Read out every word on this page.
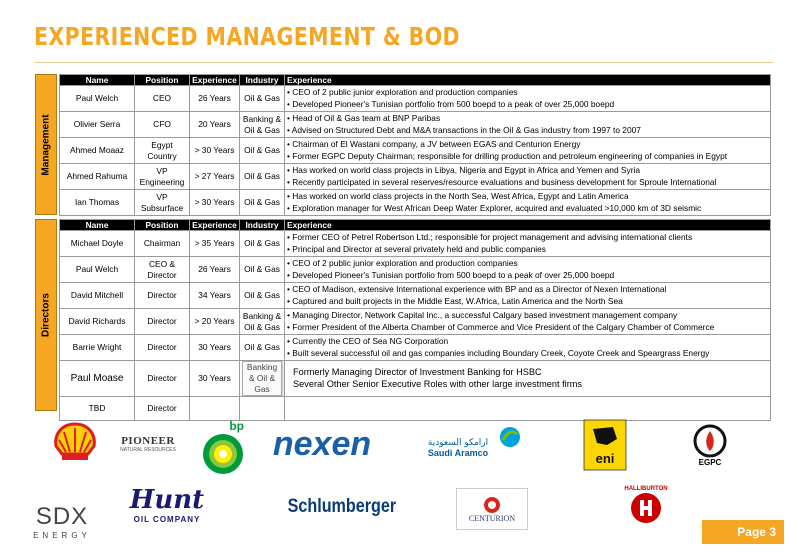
EXPERIENCED MANAGEMENT & BOD
Management
Name	Position	Experience	Industry	Experience
Paul Welch	CEO	26 Years	Oil & Gas	• CEO of 2 public junior exploration and production companies
• Developed Pioneer's Tunisian portfolio from 500 boepd to a peak of over 25,000 boepd

Olivier Serra	CFO	20 Years	Banking & Oil & Gas	• Head of Oil & Gas team at BNP Paribas
• Advised on Structured Debt and M&A transactions in the Oil & Gas industry from 1997 to 2007

Ahmed Moaaz	Egypt Country	> 30 Years	Oil & Gas	• Chairman of El Wastani company, a JV between EGAS and Centurion Energy
• Former EGPC Deputy Chairman; responsible for drilling production and petroleum engineering of companies in Egypt

Ahmed Rahuma	VP Engineering	> 27 Years	Oil & Gas	• Has worked on world class projects in Libya, Nigeria and Egypt in Africa and Yemen and Syria
• Recently participated in several reserves/resource evaluations and business development for Sproule International

Ian Thomas	VP Subsurface	> 30 Years	Oil & Gas	• Has worked on world class projects in the North Sea, West Africa, Egypt and Latin America
• Exploration manager for West African Deep Water Explorer, acquired and evaluated >10,000 km of 3D seismic
Directors
Name	Position	Experience	Industry	Experience
Michael Doyle	Chairman	> 35 Years	Oil & Gas	• Former CEO of Petrel Robertson Ltd.; responsible for project management and advising international clients
• Principal and Director at several privately held and public companies

Paul Welch	CEO & Director	26 Years	Oil & Gas	• CEO of 2 public junior exploration and production companies
• Developed Pioneer's Tunisian portfolio from 500 boepd to a peak of over 25,000 boepd

David Mitchell	Director	34 Years	Oil & Gas	• CEO of Madison, extensive International experience with BP and as a Director of Nexen International
• Captured and built projects in the Middle East, W.Africa, Latin America and the North Sea

David Richards	Director	> 20 Years	Banking & Oil & Gas	• Managing Director, Network Capital Inc., a successful Calgary based investment management company
• Former President of the Alberta Chamber of Commerce and Vice President of the Calgary Chamber of Commerce

Barrie Wright	Director	30 Years	Oil & Gas	• Currently the CEO of Sea NG Corporation
• Built several successful oil and gas companies including Boundary Creek, Coyote Creek and Speargrass Energy

Paul Moase	Director	30 Years	Banking & Oil & Gas	Formerly Managing Director of Investment Banking for HSBC
Several Other Senior Executive Roles with other large investment firms

TBD	Director			
PIONEER
NATURAL RESOURCES
bp nexen	ارامكو السعودية
Saudi Aramco	eni	EGPC
SDX
ENERGY
Hunt
OIL COMPANY
Schlumberger
CENTURION
HALLIBURTON
Page 3
